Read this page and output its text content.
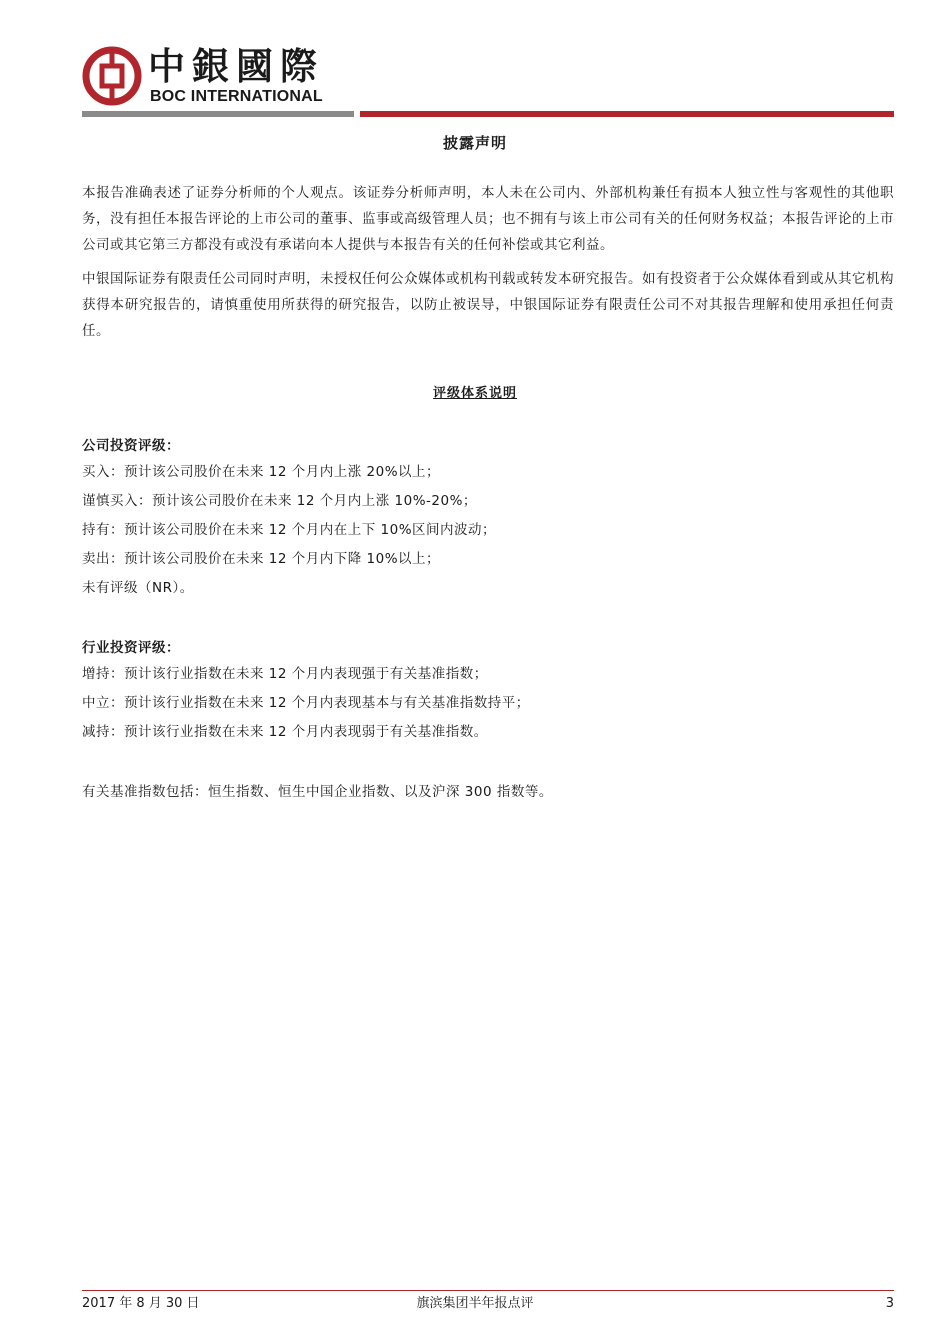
中銀國際
BOC INTERNATIONAL
披露声明

本报告准确表述了证券分析师的个人观点。该证券分析师声明，本人未在公司内、外部机构兼任有损本人独立性与客观性的其他职务，没有担任本报告评论的上市公司的董事、监事或高级管理人员；也不拥有与该上市公司有关的任何财务权益；本报告评论的上市公司或其它第三方都没有或没有承诺向本人提供与本报告有关的任何补偿或其它利益。

中银国际证券有限责任公司同时声明，未授权任何公众媒体或机构刊载或转发本研究报告。如有投资者于公众媒体看到或从其它机构获得本研究报告的，请慎重使用所获得的研究报告，以防止被误导，中银国际证券有限责任公司不对其报告理解和使用承担任何责任。

评级体系说明
公司投资评级：
买入：预计该公司股价在未来 12 个月内上涨 20%以上；
谨慎买入：预计该公司股价在未来 12 个月内上涨 10%-20%；
持有：预计该公司股价在未来 12 个月内在上下 10%区间内波动；
卖出：预计该公司股价在未来 12 个月内下降 10%以上；
未有评级（NR）。
行业投资评级：
增持：预计该行业指数在未来 12 个月内表现强于有关基准指数；
中立：预计该行业指数在未来 12 个月内表现基本与有关基准指数持平；
减持：预计该行业指数在未来 12 个月内表现弱于有关基准指数。
有关基准指数包括：恒生指数、恒生中国企业指数、以及沪深 300 指数等。
2017 年 8 月 30 日	旗滨集团半年报点评	3
